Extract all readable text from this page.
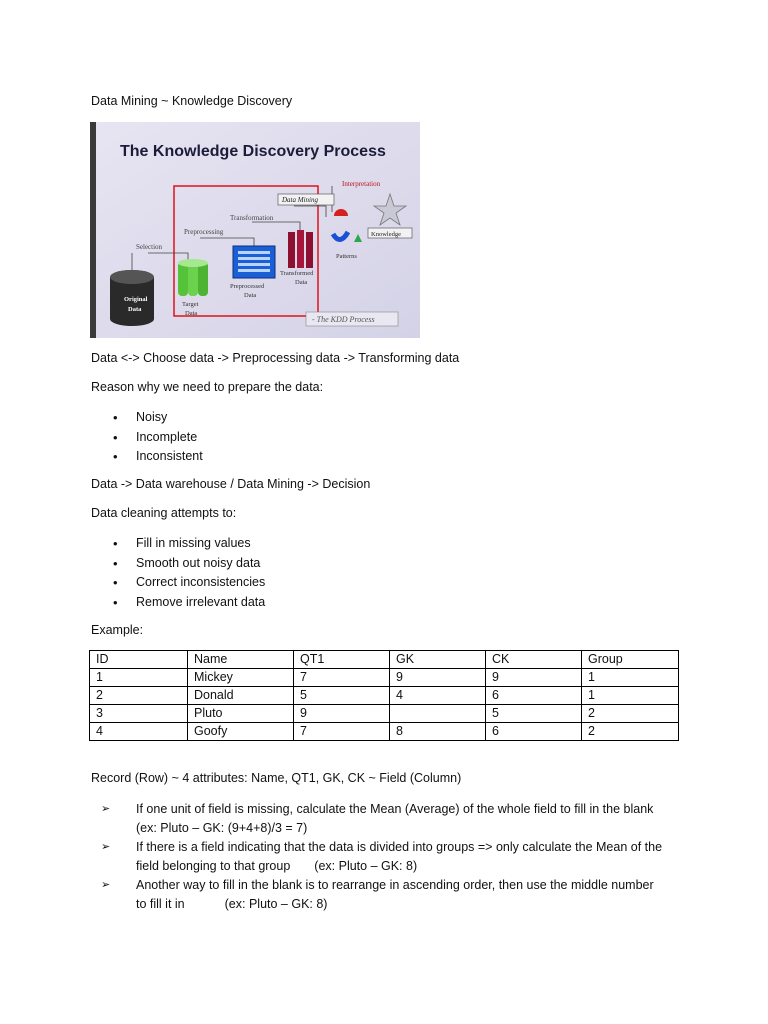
Data Mining ~ Knowledge Discovery
The Knowledge Discovery Process
Interpretation
Data Mining
Transformation
Preprocessing
Selection
Original
Data
Target
Data
Preprocessed
Data
Transformed
Data
Patterns
Knowledge
- The KDD Process
Data <-> Choose data -> Preprocessing data -> Transforming data
Reason why we need to prepare the data:
• Noisy
• Incomplete
• Inconsistent
Data -> Data warehouse / Data Mining -> Decision
Data cleaning attempts to:
• Fill in missing values
• Smooth out noisy data
• Correct inconsistencies
• Remove irrelevant data
Example:
ID	Name	QT1	GK	CK	Group
1	Mickey	7	9	9	1
2	Donald	5	4	6	1
3	Pluto	9		5	2
4	Goofy	7	8	6	2
Record (Row) ~ 4 attributes: Name, QT1, GK, CK ~ Field (Column)
➢ If one unit of field is missing, calculate the Mean (Average) of the whole field to fill in the blank
(ex: Pluto – GK: (9+4+8)/3 = 7)
➢ If there is a field indicating that the data is divided into groups => only calculate the Mean of the
field belonging to that group (ex: Pluto – GK: 8)
➢ Another way to fill in the blank is to rearrange in ascending order, then use the middle number
to fill it in	(ex: Pluto – GK: 8)
